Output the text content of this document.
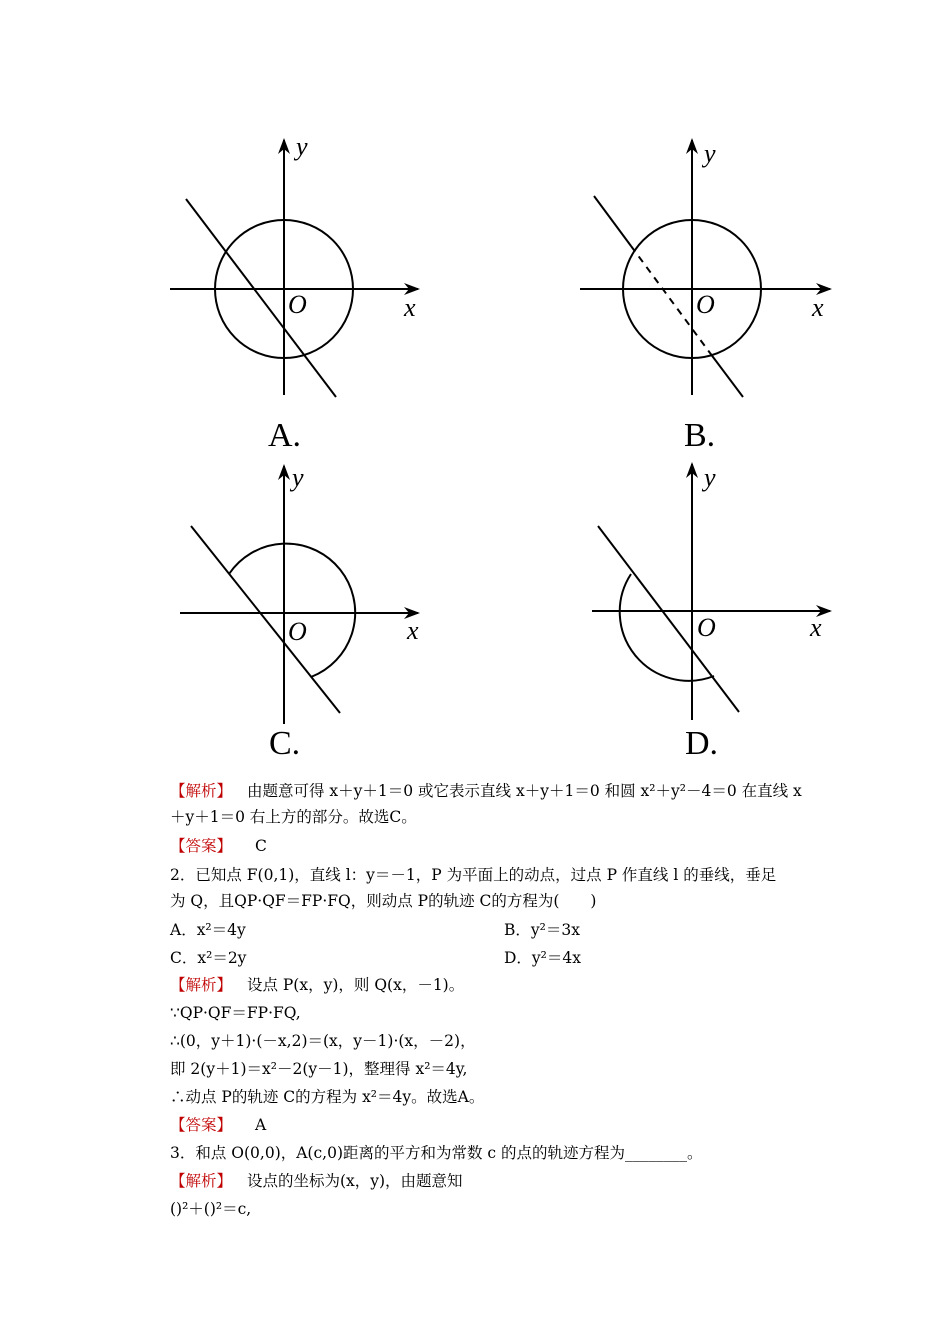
y
x
O
A.
y
x
O
B.
y
x
O
C.
y
x
O
D.
【解析】 由题意可得 x＋y＋1＝0 或它表示直线 x＋y＋1＝0 和圆 x²＋y²－4＝0 在直线 x
＋y＋1＝0 右上方的部分。故选C。
【答案】 C
2．已知点 F(0,1)，直线 l：y＝－1，P 为平面上的动点，过点 P 作直线 l 的垂线，垂足
为 Q，且QP·QF＝FP·FQ，则动点 P的轨迹 C的方程为(　　)
A．x²＝4y	B．y²＝3x
C．x²＝2y	D．y²＝4x
【解析】 设点 P(x，y)，则 Q(x，－1)。
∵QP·QF＝FP·FQ,
∴(0，y＋1)·(－x,2)＝(x，y－1)·(x，－2)，
即 2(y＋1)＝x²－2(y－1)，整理得 x²＝4y,
∴动点 P的轨迹 C的方程为 x²＝4y。故选A。
【答案】 A
3．和点 O(0,0)，A(c,0)距离的平方和为常数 c 的点的轨迹方程为________。
【解析】 设点的坐标为(x，y)，由题意知
()²＋()²＝c,
